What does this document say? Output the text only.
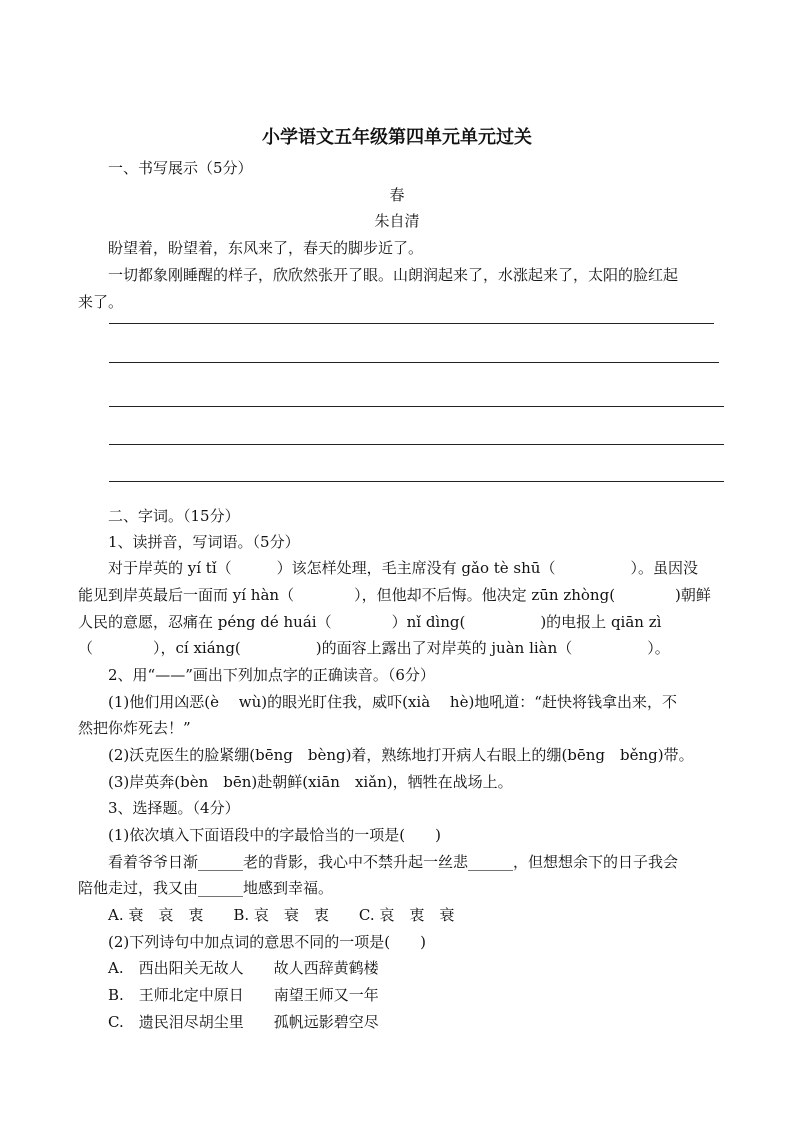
小学语文五年级第四单元单元过关
一、书写展示（5分）
春
朱自清
盼望着，盼望着，东风来了，春天的脚步近了。
一切都象刚睡醒的样子，欣欣然张开了眼。山朗润起来了，水涨起来了，太阳的脸红起
来了。
二、字词。（15分）
1、读拼音，写词语。（5分）
对于岸英的 yí tǐ（　　　）该怎样处理，毛主席没有 gǎo tè shū（　　　　　）。虽因没
能见到岸英最后一面而 yí hàn（　　　　），但他却不后悔。他决定 zūn zhòng(　　　　)朝鲜
人民的意愿，忍痛在 péng dé huái（　　　　）nǐ dìng(　　　　　)的电报上 qiān zì
（　　　　），cí xiáng(　　　　　)的面容上露出了对岸英的 juàn liàn（　　　　　）。
2、用“——”画出下列加点字的正确读音。（6分）
(1)他们用凶恶(è　 wù)的眼光盯住我，威吓(xià　 hè)地吼道：“赶快将钱拿出来，不
然把你炸死去！”
(2)沃克医生的脸紧绷(bēng　bèng)着，熟练地打开病人右眼上的绷(bēng　běng)带。
(3)岸英奔(bèn　bēn)赴朝鲜(xiān　xiǎn)，牺牲在战场上。
3、选择题。（4分）
(1)依次填入下面语段中的字最恰当的一项是(　　)
看着爷爷日渐______老的背影，我心中不禁升起一丝悲______，但想想余下的日子我会
陪他走过，我又由______地感到幸福。
A. 衰　哀　衷　　B. 哀　衰　衷　　C. 哀　衷　衰
(2)下列诗句中加点词的意思不同的一项是(　　)
A.　西出阳关无故人　　故人西辞黄鹤楼
B.　王师北定中原日　　南望王师又一年
C.　遗民泪尽胡尘里　　孤帆远影碧空尽
